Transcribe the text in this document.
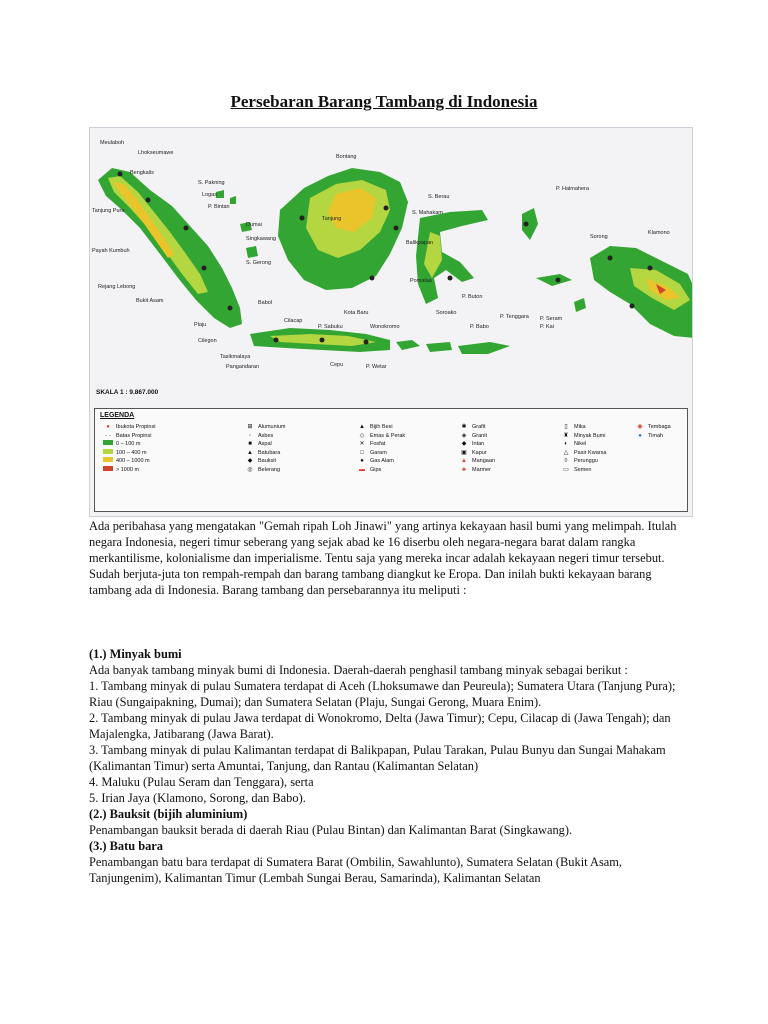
Persebaran Barang Tambang di Indonesia
Meulaboh
Lhokseumawe
Bengkalis
S. Pakning
Logas
P. Bintan
Tanjung Pura
Dumai
Singkawang
Payah Kumbuh
S. Gerong
Rejang Lebong
Bukit Asam	Babol
Plaju
Cilegon
Tasikmalaya
Pangandaran
Bontang
S. Berau
S. Mahakam
Tanjung
Balikpapan
P. Sabuku
Kota Baru
Cilacap
Wonokromo
Cepu	P. Wetar
Pomalaa
Soroako
P. Buton
P. Tenggara
P. Babo
P. Halmahera
Sorong
Klamono
P. Seram
P. Kai
SKALA 1 : 9.867.000
LEGENDA
● Ibukota Propinsi
- - Batas Propinsi
0 – 100 m
100 – 400 m
400 – 1000 m
> 1000 m
⊞ Alumunium
◦ Asbes
■ Aspal
▲ Batubara
◆ Bauksit
◎ Belerang
▲ Bijih Besi
◇ Emas & Perak
✕ Fosfat
□ Garam
● Gas Alam
▬ Gips
✱ Grafit
◈ Granit
◆ Intan
▣ Kapur
▲ Mangaan
♣ Marmer
▯ Mika
♜ Minyak Bumi
◐ Nikel
△ Pasir Kwarsa
◊ Perunggu
▭ Semen
◉ Tembaga
● Timah

Ada peribahasa yang mengatakan "Gemah ripah Loh Jinawi" yang artinya kekayaan hasil bumi yang melimpah. Itulah negara Indonesia, negeri timur seberang yang sejak abad ke 16 diserbu oleh negara-negara barat dalam rangka merkantilisme, kolonialisme dan imperialisme. Tentu saja yang mereka incar adalah kekayaan negeri timur tersebut. Sudah berjuta-juta ton rempah-rempah dan barang tambang diangkut ke Eropa. Dan inilah bukti kekayaan barang tambang ada di Indonesia. Barang tambang dan persebarannya itu meliputi :

(1.) Minyak bumi

Ada banyak tambang minyak bumi di Indonesia. Daerah-daerah penghasil tambang minyak sebagai berikut :

1. Tambang minyak di pulau Sumatera terdapat di Aceh (Lhoksumawe dan Peureula); Sumatera Utara (Tanjung Pura); Riau (Sungaipakning, Dumai); dan Sumatera Selatan (Plaju, Sungai Gerong, Muara Enim).

2. Tambang minyak di pulau Jawa terdapat di Wonokromo, Delta (Jawa Timur); Cepu, Cilacap di (Jawa Tengah); dan Majalengka, Jatibarang (Jawa Barat).

3. Tambang minyak di pulau Kalimantan terdapat di Balikpapan, Pulau Tarakan, Pulau Bunyu dan Sungai Mahakam (Kalimantan Timur) serta Amuntai, Tanjung, dan Rantau (Kalimantan Selatan)

4. Maluku (Pulau Seram dan Tenggara), serta

5. Irian Jaya (Klamono, Sorong, dan Babo).

(2.) Bauksit (bijih aluminium)

Penambangan bauksit berada di daerah Riau (Pulau Bintan) dan Kalimantan Barat (Singkawang).

(3.) Batu bara

Penambangan batu bara terdapat di Sumatera Barat (Ombilin, Sawahlunto), Sumatera Selatan (Bukit Asam, Tanjungenim), Kalimantan Timur (Lembah Sungai Berau, Samarinda), Kalimantan Selatan
